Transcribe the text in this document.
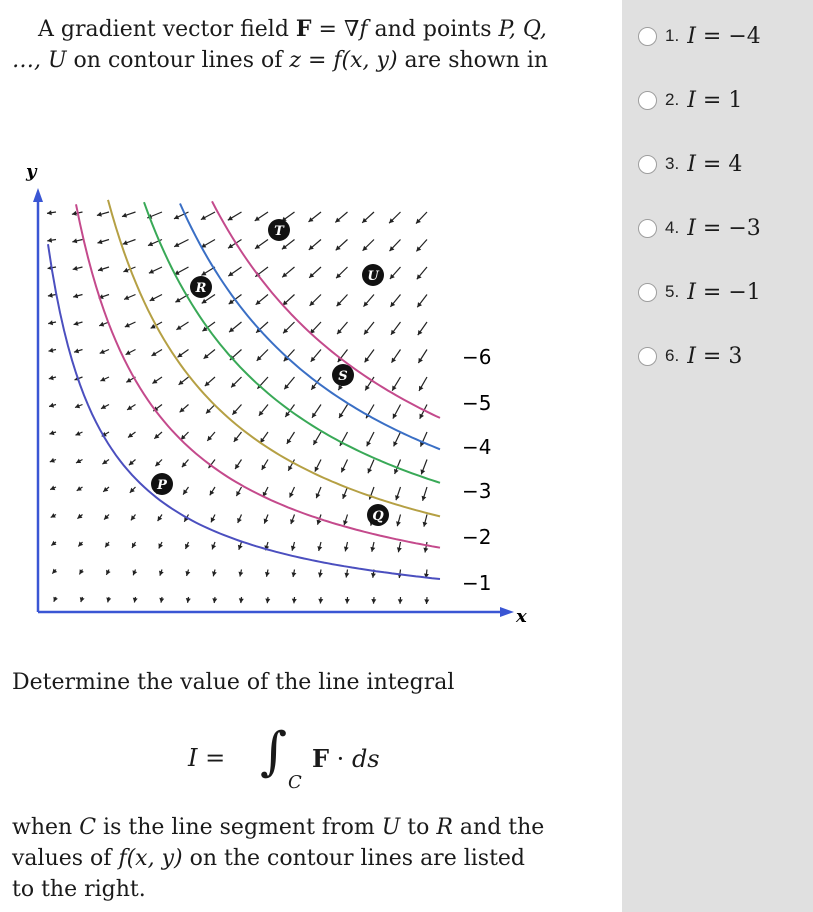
A gradient vector field F = ∇f and points P, Q, …, U on contour lines of z = f(x, y) are shown in
y
x
−6
−5
−4
−3
−2
−1
P
Q
R
S
T
U
Determine the value of the line integral
I = ∫
C
F · ds
when C is the line segment from U to R and the values of f(x, y) on the contour lines are listed to the right.
1. I = −4
2. I = 1
3. I = 4
4. I = −3
5. I = −1
6. I = 3
